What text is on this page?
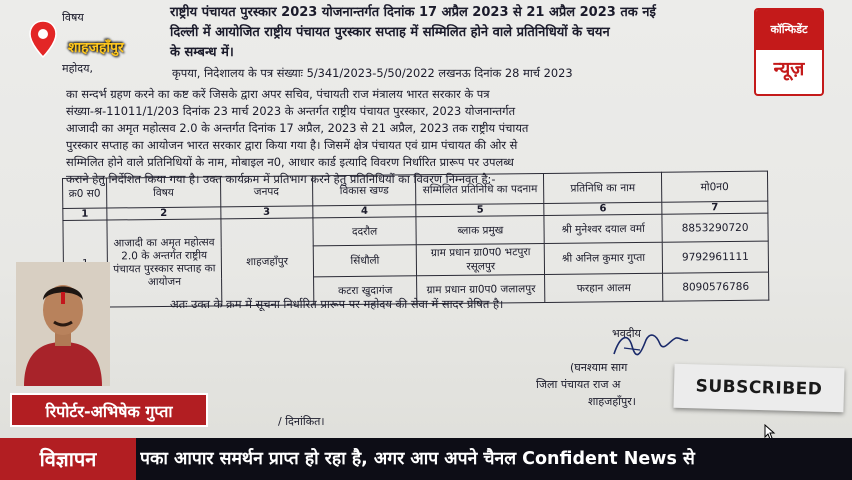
विषय	राष्ट्रीय पंचायत पुरस्कार 2023 योजनान्तर्गत दिनांक 17 अप्रैल 2023 से 21 अप्रैल 2023 तक नई
दिल्ली में आयोजित राष्ट्रीय पंचायत पुरस्कार सप्ताह में सम्मिलित होने वाले प्रतिनिधियों के चयन
के सम्बन्ध में।
महोदय,	कृपया, निदेशालय के पत्र संख्याः 5/341/2023-5/50/2022 लखनऊ दिनांक 28 मार्च 2023
का सन्दर्भ ग्रहण करने का कष्ट करें जिसके द्वारा अपर सचिव, पंचायती राज मंत्रालय भारत सरकार के पत्र
संख्या-श्र-11011/1/203 दिनांक 23 मार्च 2023 के अन्तर्गत राष्ट्रीय पंचायत पुरस्कार, 2023 योजनान्तर्गत
आजादी का अमृत महोत्सव 2.0 के अन्तर्गत दिनांक 17 अप्रैल, 2023 से 21 अप्रैल, 2023 तक राष्ट्रीय पंचायत
पुरस्कार सप्ताह का आयोजन भारत सरकार द्वारा किया गया है। जिसमें क्षेत्र पंचायत एवं ग्राम पंचायत की ओर से
सम्मिलित होने वाले प्रतिनिधियों के नाम, मोबाइल न0, आधार कार्ड इत्यादि विवरण निर्धारित प्रारूप पर उपलब्ध
कराने हेतु निर्देशित किया गया है। उक्त कार्यक्रम में प्रतिभाग करने हेतु प्रतिनिधियों का विवरण निम्नवत है:-
क्र0 स0	विषय	जनपद	विकास खण्ड	सम्मिलित प्रतिनिधि का पदनाम	प्रतिनिधि का नाम	मो0न0
1	2	3	4	5	6	7
	आजादी का अमृत महोत्सव 2.0 के अन्तर्गत राष्ट्रीय पंचायत पुरस्कार सप्ताह का आयोजन	शाहजहाँपुर	ददरौल	ब्लाक प्रमुख	श्री मुनेश्वर दयाल वर्मा	8853290720
			सिंधौली	ग्राम प्रधान ग्रा0प0 भटपुरा रसूलपुर	श्री अनिल कुमार गुप्ता	9792961111
			कटरा खुदागंज	ग्राम प्रधान ग्रा0प0 जलालपुर	फरहान आलम	8090576786
अतः उक्त के क्रम में सूचना निर्धारित प्रारूप पर महोदय की सेवा में सादर प्रेषित है।
भवदीय
(घनश्याम साग
जिला पंचायत राज अ
शाहजहाँपुर।
/ दिनांकित।
शाहजहाँपुर
कॉन्फिडेंट
न्यूज़
रिपोर्टर-अभिषेक गुप्ता
SUBSCRIBED
विज्ञापन	पका आपार समर्थन प्राप्त हो रहा है, अगर आप अपने चैनल Confident News से
